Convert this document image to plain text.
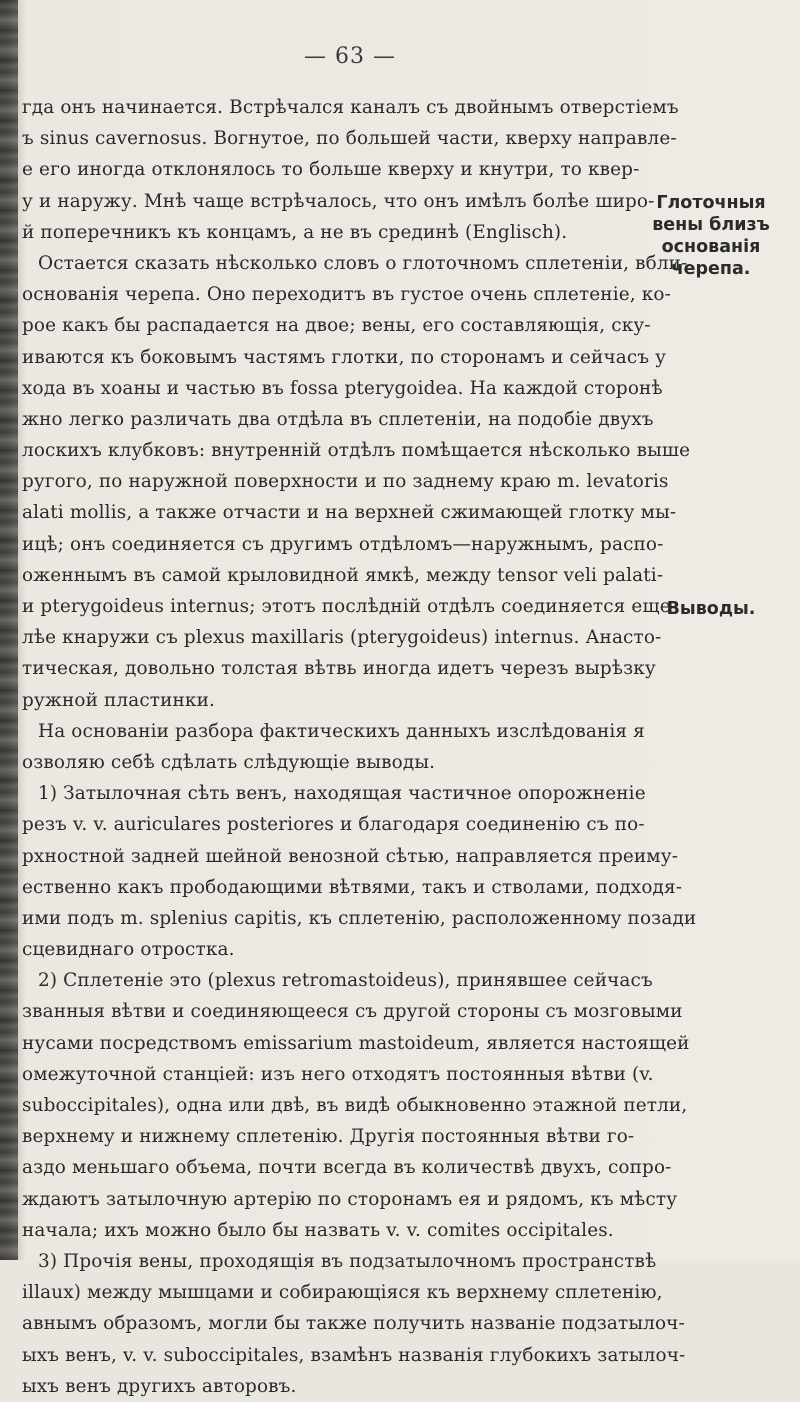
— 63 —
гда онъ начинается. Встрѣчался каналъ съ двойнымъ отверстіемъ
ъ sinus cavernosus. Вогнутое, по большей части, кверху направле-
е его иногда отклонялось то больше кверху и кнутри, то квер-
у и наружу. Мнѣ чаще встрѣчалось, что онъ имѣлъ болѣе широ-
й поперечникъ къ концамъ, а не въ срединѣ (Englisch).
Остается сказать нѣсколько словъ о глоточномъ сплетеніи, вбли-
основанія черепа. Оно переходитъ въ густое очень сплетеніе, ко-
рое какъ бы распадается на двое; вены, его составляющія, ску-
иваются къ боковымъ частямъ глотки, по сторонамъ и сейчасъ у
хода въ хоаны и частью въ fossa pterygoidea. На каждой сторонѣ
жно легко различать два отдѣла въ сплетеніи, на подобіе двухъ
лоскихъ клубковъ: внутренній отдѣлъ помѣщается нѣсколько выше
ругого, по наружной поверхности и по заднему краю m. levatoris
alati mollis, а также отчасти и на верхней сжимающей глотку мы-
ицѣ; онъ соединяется съ другимъ отдѣломъ—наружнымъ, распо-
оженнымъ въ самой крыловидной ямкѣ, между tensor veli palati-
и pterygoideus internus; этотъ послѣдній отдѣлъ соединяется еще
лѣе кнаружи съ plexus maxillaris (pterygoideus) internus. Анасто-
тическая, довольно толстая вѣтвь иногда идетъ черезъ вырѣзку
ружной пластинки.
На основаніи разбора фактическихъ данныхъ изслѣдованія я
озволяю себѣ сдѣлать слѣдующіе выводы.
1) Затылочная сѣть венъ, находящая частичное опорожненіе
резъ v. v. auriculares posteriores и благодаря соединенію съ по-
рхностной задней шейной венозной сѣтью, направляется преиму-
ественно какъ прободающими вѣтвями, такъ и стволами, подходя-
ими подъ m. splenius capitis, къ сплетенію, расположенному позади
сцевиднаго отростка.
2) Сплетеніе это (plexus retromastoideus), принявшее сейчасъ
званныя вѣтви и соединяющееся съ другой стороны съ мозговыми
нусами посредствомъ emissarium mastoideum, является настоящей
омежуточной станціей: изъ него отходятъ постоянныя вѣтви (v.
suboccipitales), одна или двѣ, въ видѣ обыкновенно этажной петли,
верхнему и нижнему сплетенію. Другія постоянныя вѣтви го-
аздо меньшаго объема, почти всегда въ количествѣ двухъ, сопро-
ждаютъ затылочную артерію по сторонамъ ея и рядомъ, къ мѣсту
начала; ихъ можно было бы назвать v. v. comites occipitales.
3) Прочія вены, проходящія въ подзатылочномъ пространствѣ
illaux) между мышцами и собирающіяся къ верхнему сплетенію,
авнымъ образомъ, могли бы также получить названіе подзатылоч-
ыхъ венъ, v. v. suboccipitales, взамѣнъ названія глубокихъ затылоч-
ыхъ венъ другихъ авторовъ.
Глоточныя
вены близъ
основанія
черепа.
Выводы.
